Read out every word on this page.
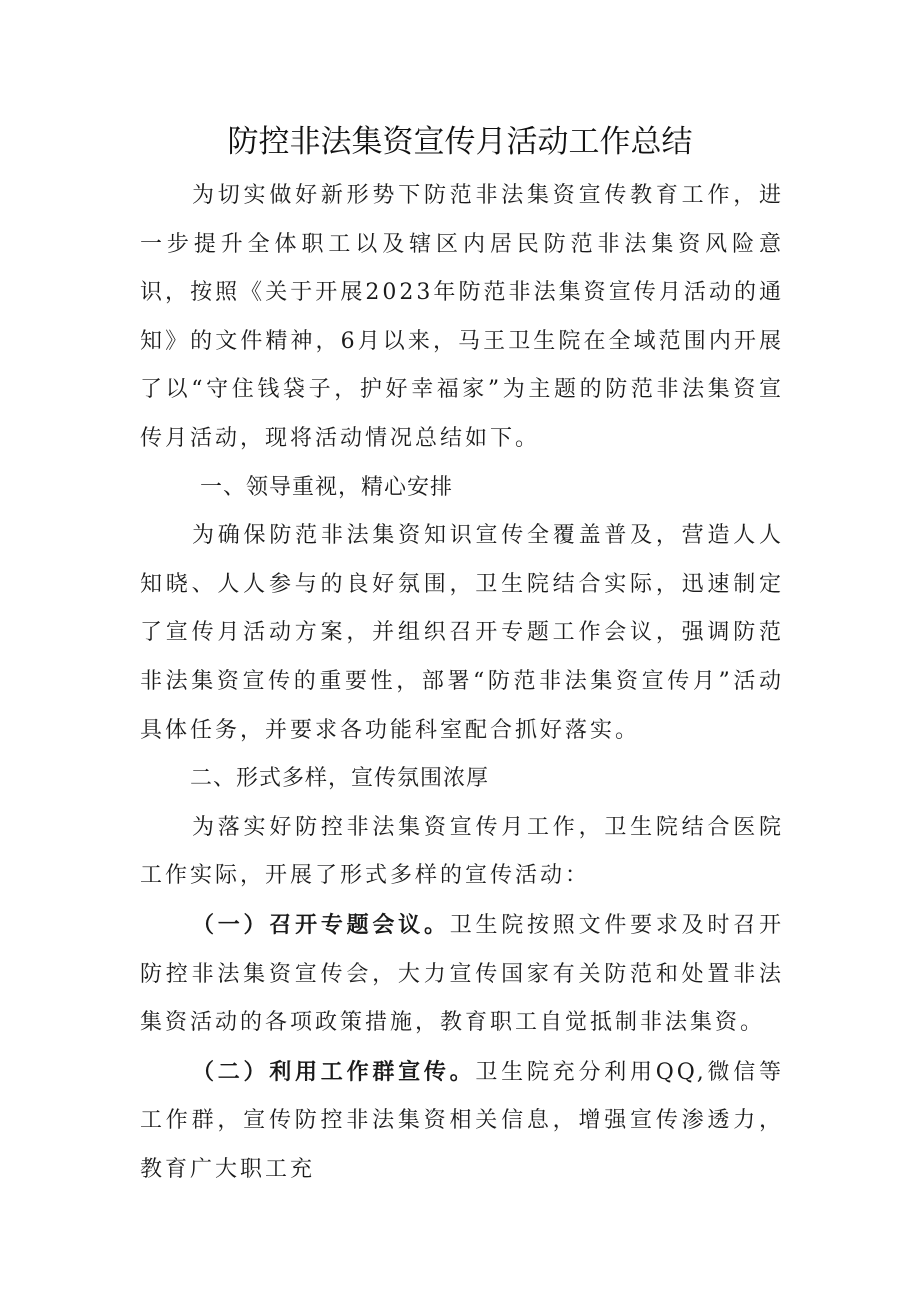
防控非法集资宣传月活动工作总结

为切实做好新形势下防范非法集资宣传教育工作，进一步提升全体职工以及辖区内居民防范非法集资风险意识，按照《关于开展2023年防范非法集资宣传月活动的通知》的文件精神，6月以来，马王卫生院在全域范围内开展了以“守住钱袋子，护好幸福家”为主题的防范非法集资宣传月活动，现将活动情况总结如下。

一、领导重视，精心安排

为确保防范非法集资知识宣传全覆盖普及，营造人人知晓、人人参与的良好氛围，卫生院结合实际，迅速制定了宣传月活动方案，并组织召开专题工作会议，强调防范非法集资宣传的重要性，部署“防范非法集资宣传月”活动具体任务，并要求各功能科室配合抓好落实。

二、形式多样，宣传氛围浓厚

为落实好防控非法集资宣传月工作，卫生院结合医院工作实际，开展了形式多样的宣传活动：

（一）召开专题会议。卫生院按照文件要求及时召开防控非法集资宣传会，大力宣传国家有关防范和处置非法集资活动的各项政策措施，教育职工自觉抵制非法集资。

（二）利用工作群宣传。卫生院充分利用QQ,微信等工作群，宣传防控非法集资相关信息，增强宣传渗透力，教育广大职工充
